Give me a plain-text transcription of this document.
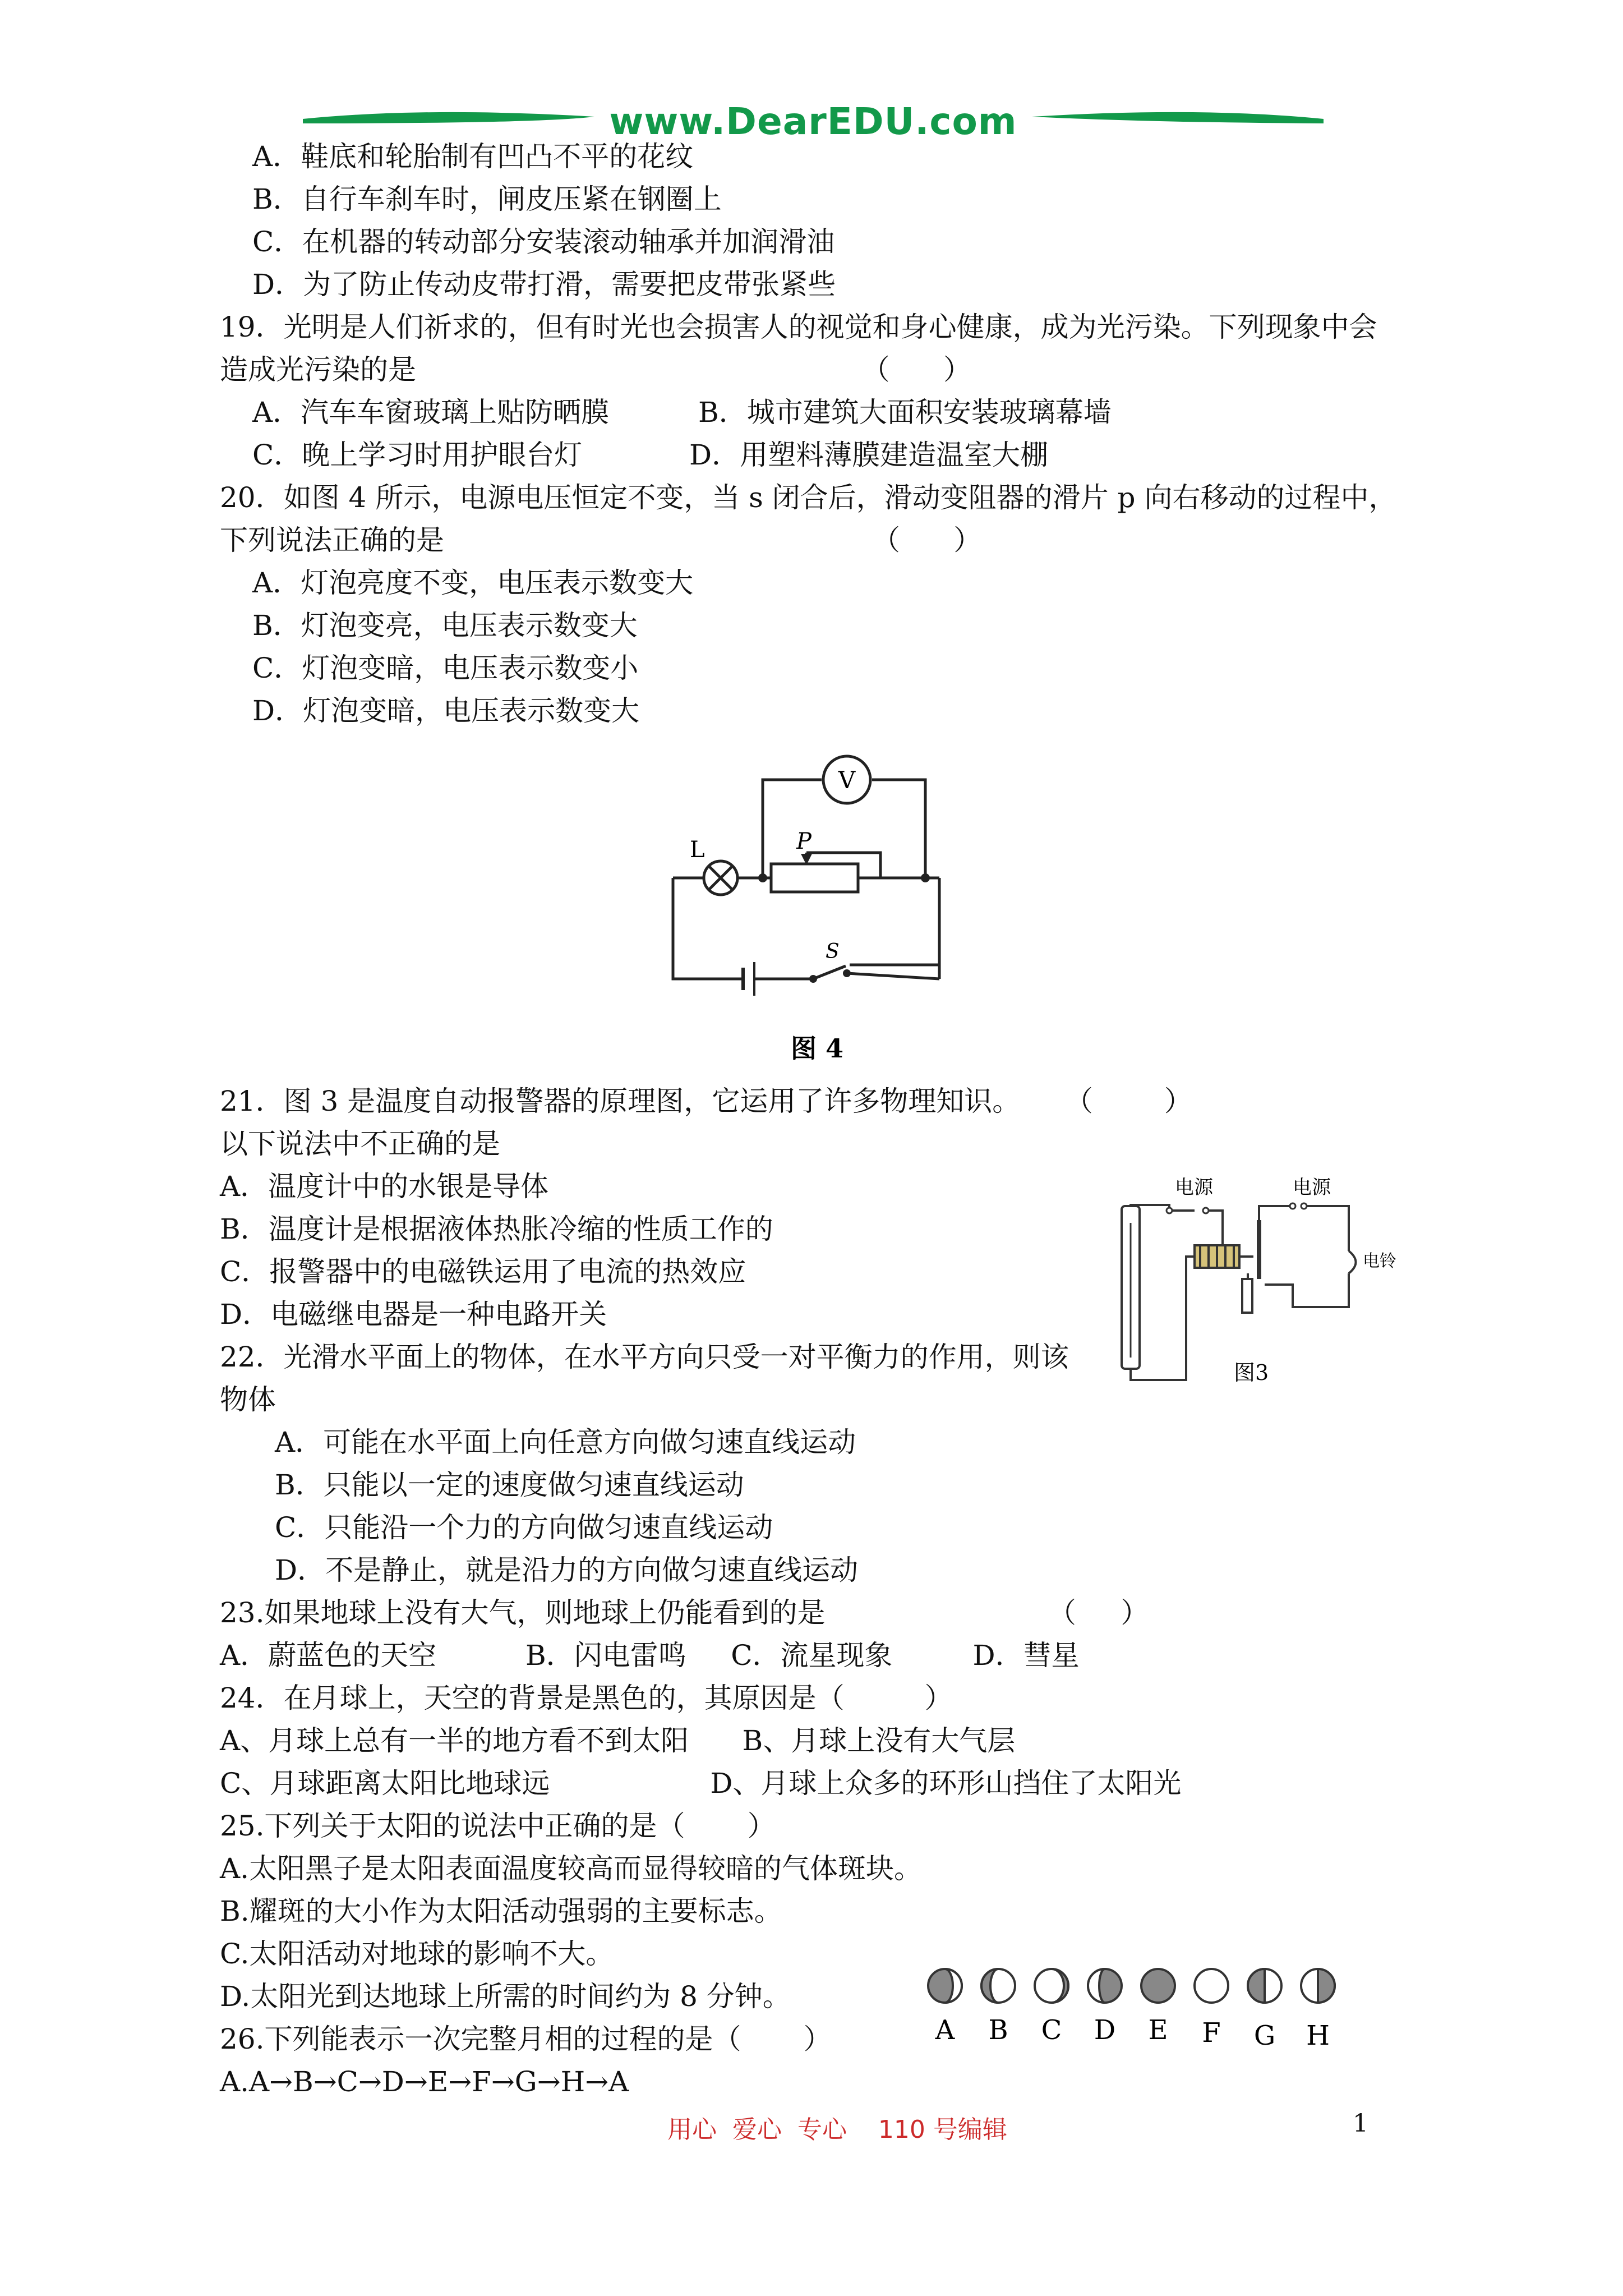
www.DearEDU.com
A．鞋底和轮胎制有凹凸不平的花纹
B．自行车刹车时，闸皮压紧在钢圈上
C．在机器的转动部分安装滚动轴承并加润滑油
D．为了防止传动皮带打滑，需要把皮带张紧些
19．光明是人们祈求的，但有时光也会损害人的视觉和身心健康，成为光污染。下列现象中会
造成光污染的是                                                  （      ）
A．汽车车窗玻璃上贴防晒膜          B．城市建筑大面积安装玻璃幕墙
C．晚上学习时用护眼台灯            D．用塑料薄膜建造温室大棚
20．如图 4 所示，电源电压恒定不变，当 s 闭合后，滑动变阻器的滑片 p 向右移动的过程中，
下列说法正确的是                                                （      ）
A．灯泡亮度不变，电压表示数变大
B．灯泡变亮，电压表示数变大
C．灯泡变暗，电压表示数变小
D．灯泡变暗，电压表示数变大
V
P
L
S
图 4
21．图 3 是温度自动报警器的原理图，它运用了许多物理知识。     （        ）
以下说法中不正确的是
A．温度计中的水银是导体
B．温度计是根据液体热胀冷缩的性质工作的
C．报警器中的电磁铁运用了电流的热效应
D．电磁继电器是一种电路开关
电源	电源
电铃
图3
22．光滑水平面上的物体，在水平方向只受一对平衡力的作用，则该
物体
A．可能在水平面上向任意方向做匀速直线运动
B．只能以一定的速度做匀速直线运动
C．只能沿一个力的方向做匀速直线运动
D．不是静止，就是沿力的方向做匀速直线运动
23.如果地球上没有大气，则地球上仍能看到的是                         （     ）
A．蔚蓝色的天空          B．闪电雷鸣     C．流星现象         D．彗星
24．在月球上，天空的背景是黑色的，其原因是（         ）
A、月球上总有一半的地方看不到太阳      B、月球上没有大气层
C、月球距离太阳比地球远                  D、月球上众多的环形山挡住了太阳光
25.下列关于太阳的说法中正确的是（       ）
A.太阳黑子是太阳表面温度较高而显得较暗的气体斑块。
B.耀斑的大小作为太阳活动强弱的主要标志。
C.太阳活动对地球的影响不大。
D.太阳光到达地球上所需的时间约为 8 分钟。
26.下列能表示一次完整月相的过程的是（       ）
A.A→B→C→D→E→F→G→H→A
A B C D E F G H
用心  爱心  专心    110 号编辑	1
